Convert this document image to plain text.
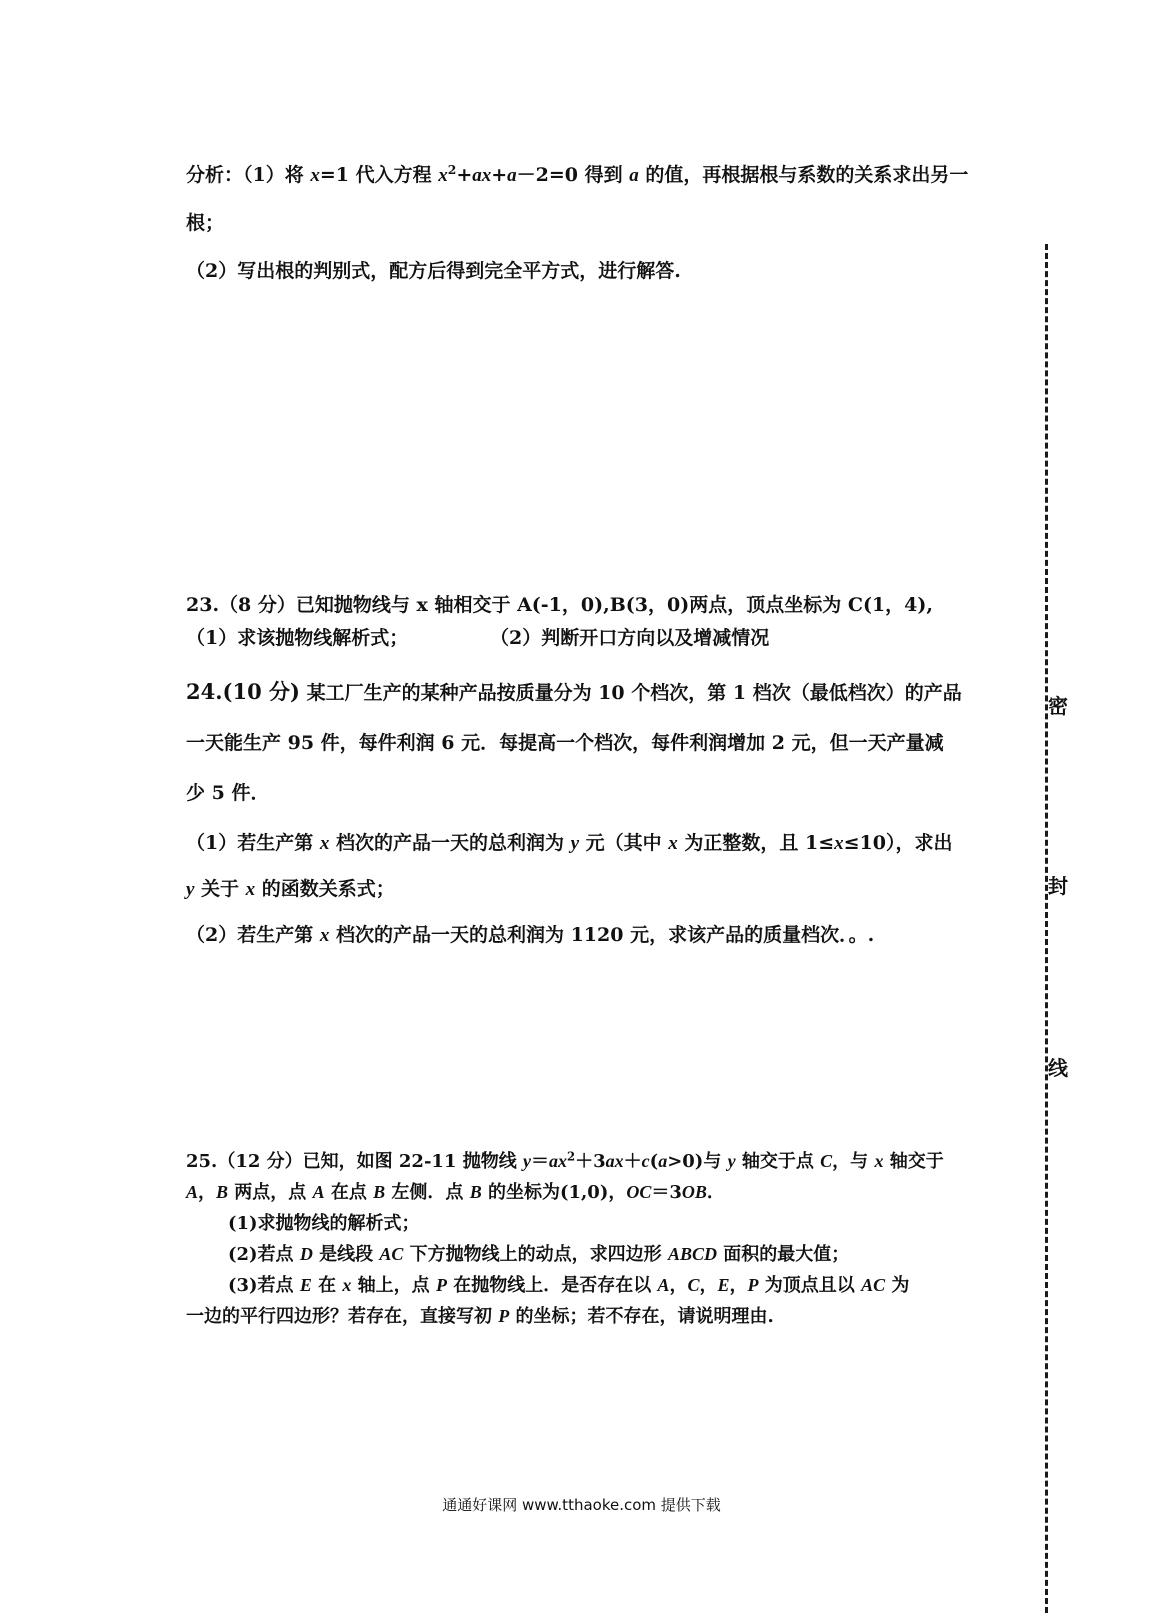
分析：（1）将 x=1 代入方程 $x^2+ax+a-2=0$ 得到 a 的值，再根据根与系数的关系求出另一
根；
（2）写出根的判别式，配方后得到完全平方式，进行解答.
23.（8 分）已知抛物线与 x 轴相交于 A(-1，0),B(3，0)两点，顶点坐标为 C(1，4),
（1）求该抛物线解析式；	（2）判断开口方向以及增减情况
24.(10 分) 某工厂生产的某种产品按质量分为 10 个档次，第 1 档次（最低档次）的产品
一天能生产 95 件，每件利润 6 元．每提高一个档次，每件利润增加 2 元，但一天产量减
少 5 件．
（1）若生产第 x 档次的产品一天的总利润为 y 元（其中 x 为正整数，且 1≤x≤10），求出
y 关于 x 的函数关系式；
（2）若生产第 x 档次的产品一天的总利润为 1120 元，求该产品的质量档次．。.
25.（12 分）已知，如图 22-11 抛物线 $y=ax^2+3ax+c(a>0)$与 y 轴交于点 C，与 x 轴交于
A，B 两点，点 A 在点 B 左侧．点 B 的坐标为(1,0)，OC＝3OB．
(1)求抛物线的解析式；
(2)若点 D 是线段 AC 下方抛物线上的动点，求四边形 ABCD 面积的最大值；
(3)若点 E 在 x 轴上，点 P 在抛物线上．是否存在以 A，C，E，P 为顶点且以 AC 为
一边的平行四边形？若存在，直接写初 P 的坐标；若不存在，请说明理由.
密
封
线
通通好课网 www.tthaoke.com 提供下载
